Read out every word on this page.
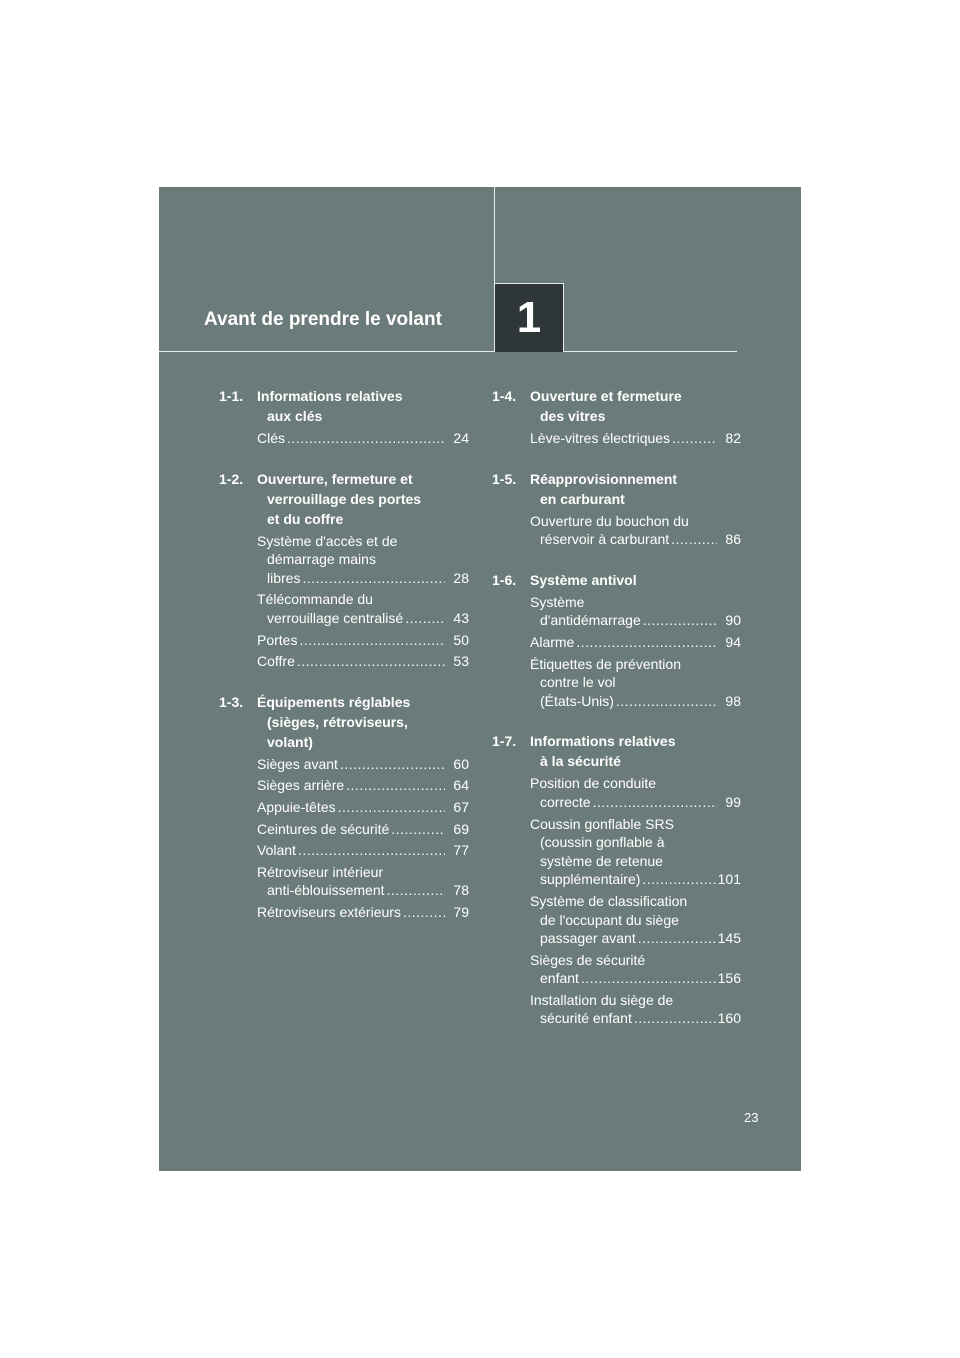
1
Avant de prendre le volant
1-1. Informations relatives
aux clés
Clés .....	24
1-2. Ouverture, fermeture et
verrouillage des portes
et du coffre
Système d'accès et de
démarrage mains
libres .....	28
Télécommande du
verrouillage centralisé .....	43
Portes .....	50
Coffre .....	53
1-3. Équipements réglables
(sièges, rétroviseurs,
volant)
Sièges avant .....	60
Sièges arrière .....	64
Appuie-têtes .....	67
Ceintures de sécurité .....	69
Volant .....	77
Rétroviseur intérieur
anti-éblouissement .....	78
Rétroviseurs extérieurs .....	79
1-4. Ouverture et fermeture
des vitres
Lève-vitres électriques .....	82
1-5. Réapprovisionnement
en carburant
Ouverture du bouchon du
réservoir à carburant .....	86
1-6. Système antivol
Système
d'antidémarrage .....	90
Alarme .....	94
Étiquettes de prévention
contre le vol
(États-Unis) .....	98
1-7. Informations relatives
à la sécurité
Position de conduite
correcte .....	99
Coussin gonflable SRS
(coussin gonflable à
système de retenue
supplémentaire) .....	101
Système de classification
de l'occupant du siège
passager avant .....	145
Sièges de sécurité
enfant .....	156
Installation du siège de
sécurité enfant .....	160
23
